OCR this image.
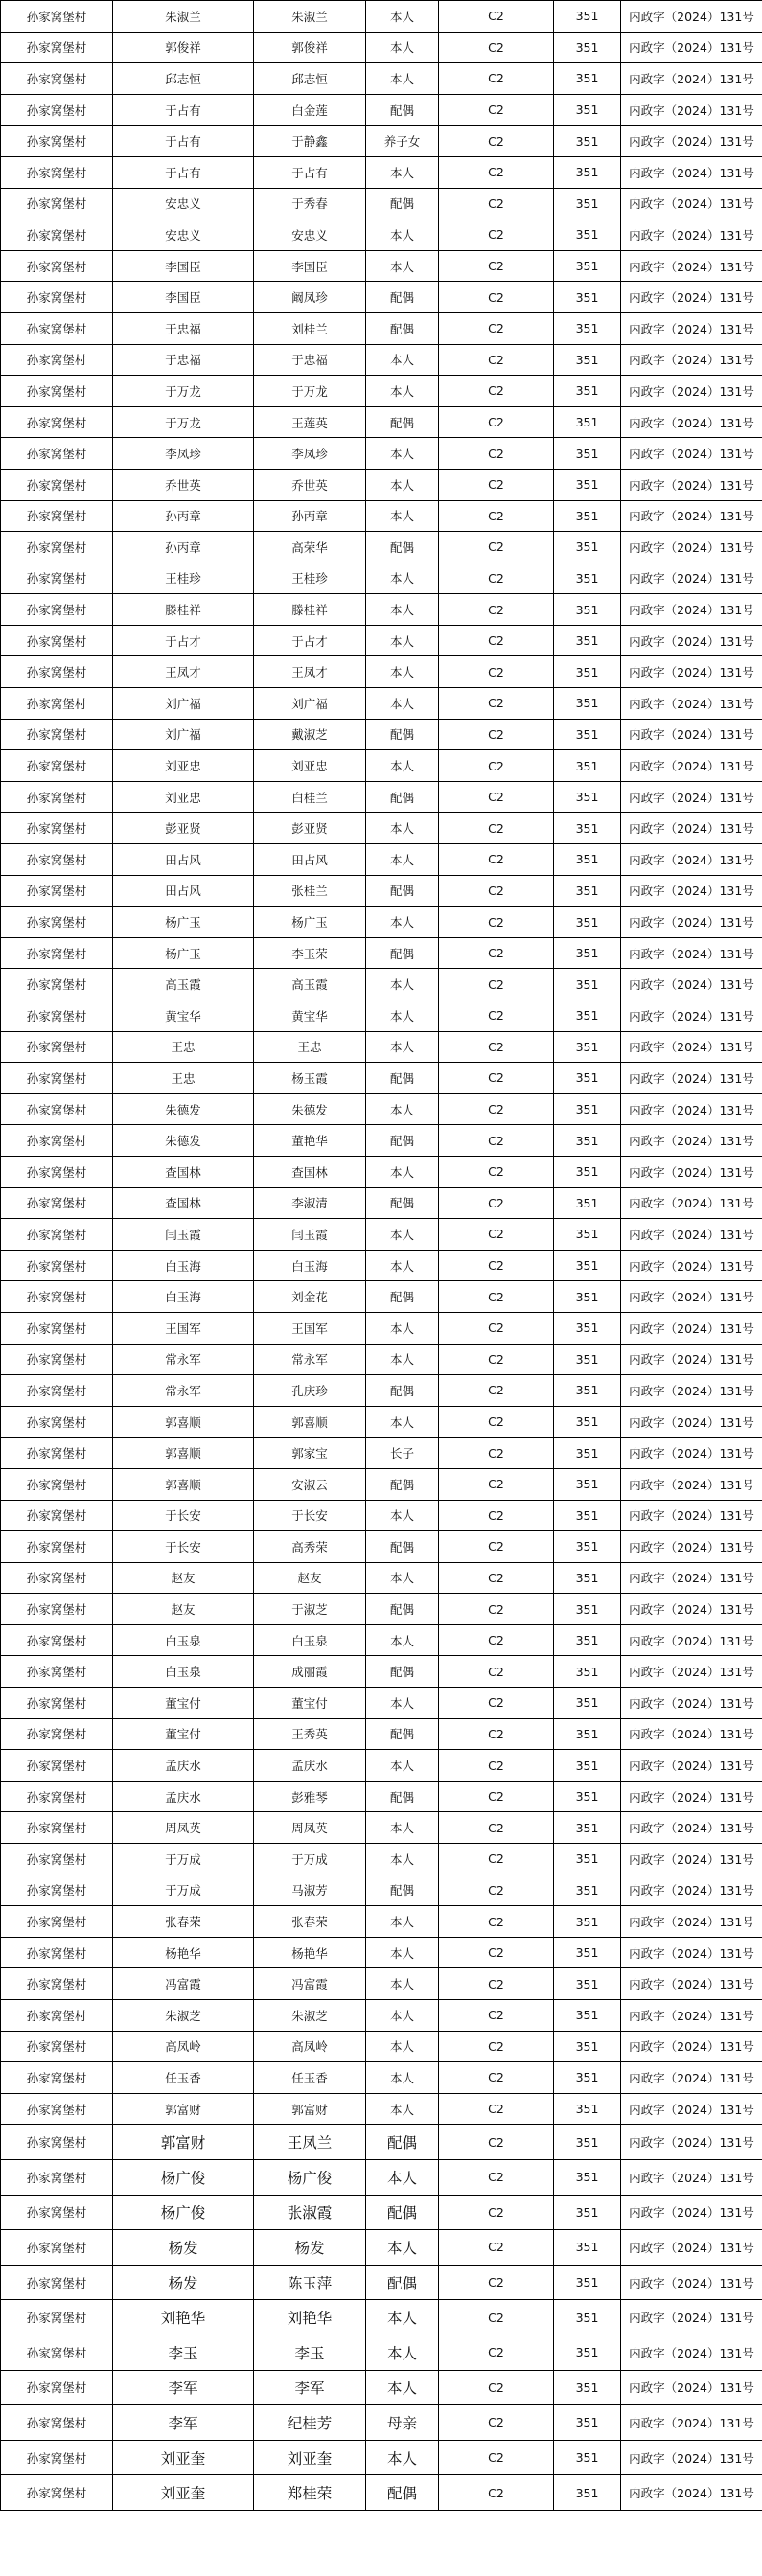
孙家窝堡村	朱淑兰	朱淑兰	本人	C2	351	内政字（2024）131号
孙家窝堡村	郭俊祥	郭俊祥	本人	C2	351	内政字（2024）131号
孙家窝堡村	邱志恒	邱志恒	本人	C2	351	内政字（2024）131号
孙家窝堡村	于占有	白金莲	配偶	C2	351	内政字（2024）131号
孙家窝堡村	于占有	于静鑫	养子女	C2	351	内政字（2024）131号
孙家窝堡村	于占有	于占有	本人	C2	351	内政字（2024）131号
孙家窝堡村	安忠义	于秀春	配偶	C2	351	内政字（2024）131号
孙家窝堡村	安忠义	安忠义	本人	C2	351	内政字（2024）131号
孙家窝堡村	李国臣	李国臣	本人	C2	351	内政字（2024）131号
孙家窝堡村	李国臣	阚凤珍	配偶	C2	351	内政字（2024）131号
孙家窝堡村	于忠福	刘桂兰	配偶	C2	351	内政字（2024）131号
孙家窝堡村	于忠福	于忠福	本人	C2	351	内政字（2024）131号
孙家窝堡村	于万龙	于万龙	本人	C2	351	内政字（2024）131号
孙家窝堡村	于万龙	王莲英	配偶	C2	351	内政字（2024）131号
孙家窝堡村	李凤珍	李凤珍	本人	C2	351	内政字（2024）131号
孙家窝堡村	乔世英	乔世英	本人	C2	351	内政字（2024）131号
孙家窝堡村	孙丙章	孙丙章	本人	C2	351	内政字（2024）131号
孙家窝堡村	孙丙章	高荣华	配偶	C2	351	内政字（2024）131号
孙家窝堡村	王桂珍	王桂珍	本人	C2	351	内政字（2024）131号
孙家窝堡村	滕桂祥	滕桂祥	本人	C2	351	内政字（2024）131号
孙家窝堡村	于占才	于占才	本人	C2	351	内政字（2024）131号
孙家窝堡村	王凤才	王凤才	本人	C2	351	内政字（2024）131号
孙家窝堡村	刘广福	刘广福	本人	C2	351	内政字（2024）131号
孙家窝堡村	刘广福	戴淑芝	配偶	C2	351	内政字（2024）131号
孙家窝堡村	刘亚忠	刘亚忠	本人	C2	351	内政字（2024）131号
孙家窝堡村	刘亚忠	白桂兰	配偶	C2	351	内政字（2024）131号
孙家窝堡村	彭亚贤	彭亚贤	本人	C2	351	内政字（2024）131号
孙家窝堡村	田占风	田占风	本人	C2	351	内政字（2024）131号
孙家窝堡村	田占风	张桂兰	配偶	C2	351	内政字（2024）131号
孙家窝堡村	杨广玉	杨广玉	本人	C2	351	内政字（2024）131号
孙家窝堡村	杨广玉	李玉荣	配偶	C2	351	内政字（2024）131号
孙家窝堡村	高玉霞	高玉霞	本人	C2	351	内政字（2024）131号
孙家窝堡村	黄宝华	黄宝华	本人	C2	351	内政字（2024）131号
孙家窝堡村	王忠	王忠	本人	C2	351	内政字（2024）131号
孙家窝堡村	王忠	杨玉霞	配偶	C2	351	内政字（2024）131号
孙家窝堡村	朱德发	朱德发	本人	C2	351	内政字（2024）131号
孙家窝堡村	朱德发	董艳华	配偶	C2	351	内政字（2024）131号
孙家窝堡村	查国林	查国林	本人	C2	351	内政字（2024）131号
孙家窝堡村	查国林	李淑清	配偶	C2	351	内政字（2024）131号
孙家窝堡村	闫玉霞	闫玉霞	本人	C2	351	内政字（2024）131号
孙家窝堡村	白玉海	白玉海	本人	C2	351	内政字（2024）131号
孙家窝堡村	白玉海	刘金花	配偶	C2	351	内政字（2024）131号
孙家窝堡村	王国军	王国军	本人	C2	351	内政字（2024）131号
孙家窝堡村	常永军	常永军	本人	C2	351	内政字（2024）131号
孙家窝堡村	常永军	孔庆珍	配偶	C2	351	内政字（2024）131号
孙家窝堡村	郭喜顺	郭喜顺	本人	C2	351	内政字（2024）131号
孙家窝堡村	郭喜顺	郭家宝	长子	C2	351	内政字（2024）131号
孙家窝堡村	郭喜顺	安淑云	配偶	C2	351	内政字（2024）131号
孙家窝堡村	于长安	于长安	本人	C2	351	内政字（2024）131号
孙家窝堡村	于长安	高秀荣	配偶	C2	351	内政字（2024）131号
孙家窝堡村	赵友	赵友	本人	C2	351	内政字（2024）131号
孙家窝堡村	赵友	于淑芝	配偶	C2	351	内政字（2024）131号
孙家窝堡村	白玉泉	白玉泉	本人	C2	351	内政字（2024）131号
孙家窝堡村	白玉泉	成丽霞	配偶	C2	351	内政字（2024）131号
孙家窝堡村	董宝付	董宝付	本人	C2	351	内政字（2024）131号
孙家窝堡村	董宝付	王秀英	配偶	C2	351	内政字（2024）131号
孙家窝堡村	孟庆水	孟庆水	本人	C2	351	内政字（2024）131号
孙家窝堡村	孟庆水	彭雅琴	配偶	C2	351	内政字（2024）131号
孙家窝堡村	周凤英	周凤英	本人	C2	351	内政字（2024）131号
孙家窝堡村	于万成	于万成	本人	C2	351	内政字（2024）131号
孙家窝堡村	于万成	马淑芳	配偶	C2	351	内政字（2024）131号
孙家窝堡村	张春荣	张春荣	本人	C2	351	内政字（2024）131号
孙家窝堡村	杨艳华	杨艳华	本人	C2	351	内政字（2024）131号
孙家窝堡村	冯富霞	冯富霞	本人	C2	351	内政字（2024）131号
孙家窝堡村	朱淑芝	朱淑芝	本人	C2	351	内政字（2024）131号
孙家窝堡村	高凤岭	高凤岭	本人	C2	351	内政字（2024）131号
孙家窝堡村	任玉香	任玉香	本人	C2	351	内政字（2024）131号
孙家窝堡村	郭富财	郭富财	本人	C2	351	内政字（2024）131号
孙家窝堡村	郭富财	王凤兰	配偶	C2	351	内政字（2024）131号
孙家窝堡村	杨广俊	杨广俊	本人	C2	351	内政字（2024）131号
孙家窝堡村	杨广俊	张淑霞	配偶	C2	351	内政字（2024）131号
孙家窝堡村	杨发	杨发	本人	C2	351	内政字（2024）131号
孙家窝堡村	杨发	陈玉萍	配偶	C2	351	内政字（2024）131号
孙家窝堡村	刘艳华	刘艳华	本人	C2	351	内政字（2024）131号
孙家窝堡村	李玉	李玉	本人	C2	351	内政字（2024）131号
孙家窝堡村	李军	李军	本人	C2	351	内政字（2024）131号
孙家窝堡村	李军	纪桂芳	母亲	C2	351	内政字（2024）131号
孙家窝堡村	刘亚奎	刘亚奎	本人	C2	351	内政字（2024）131号
孙家窝堡村	刘亚奎	郑桂荣	配偶	C2	351	内政字（2024）131号
